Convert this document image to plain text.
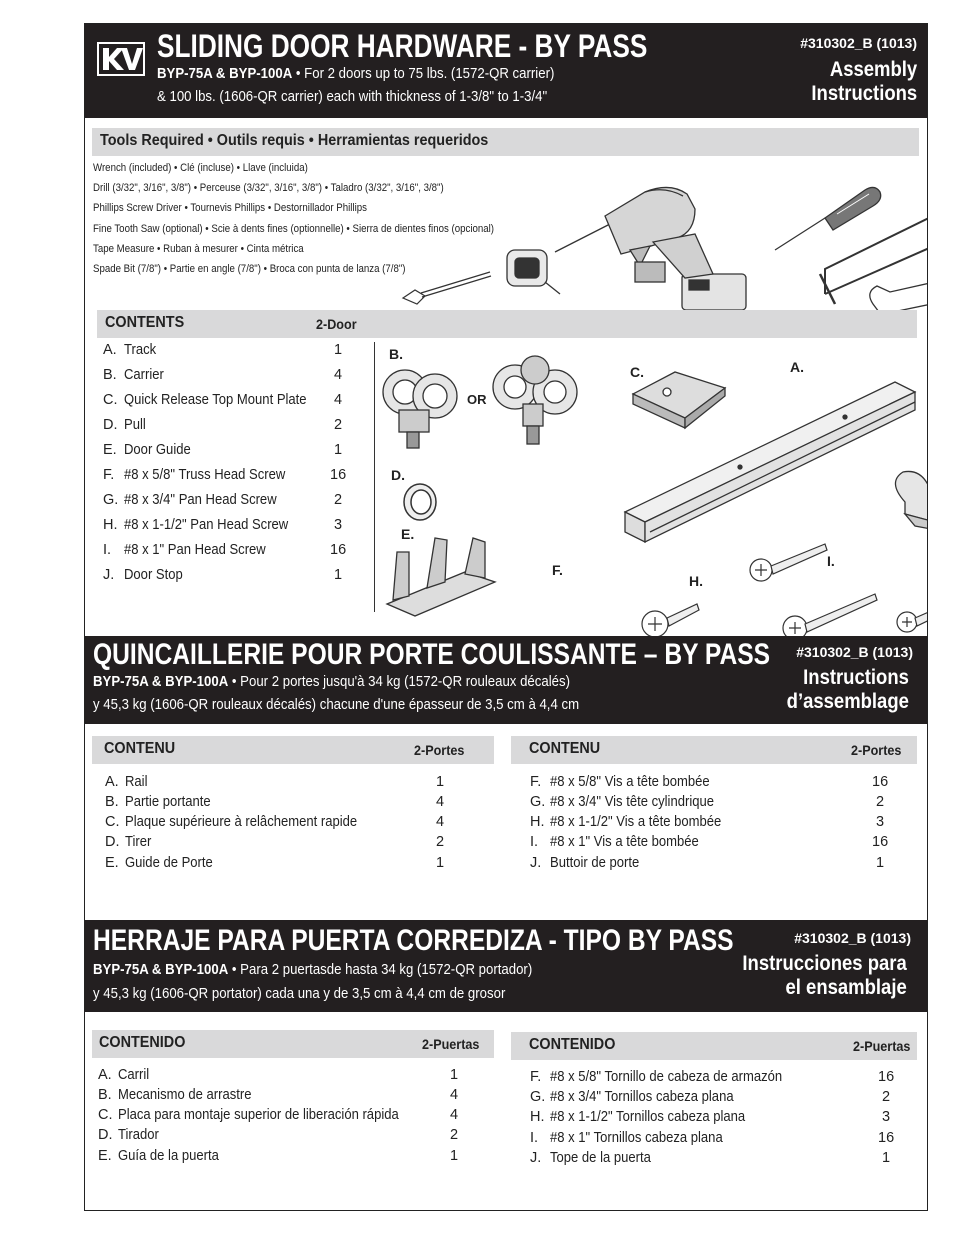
SLIDING DOOR HARDWARE - BY PASS
BYP-75A & BYP-100A • For 2 doors up to 75 lbs. (1572-QR carrier)
& 100 lbs. (1606-QR carrier) each with thickness of 1-3/8" to 1-3/4"
#310302_B (1013)
Assembly
Instructions
Tools Required • Outils requis • Herramientas requeridos
Wrench (included) • Clé (incluse) • Llave (incluida)
Drill (3/32", 3/16", 3/8") • Perceuse (3/32", 3/16", 3/8") • Taladro (3/32", 3/16", 3/8")
Phillips Screw Driver • Tournevis Phillips • Destornillador Phillips
Fine Tooth Saw (optional) • Scie à dents fines (optionnelle) • Sierra de dientes finos (opcional)
Tape Measure • Ruban à mesurer • Cinta métrica
Spade Bit (7/8") • Partie en angle (7/8") • Broca con punta de lanza (7/8")
CONTENTS	2-Door
A. Track	1
B. Carrier	4
C. Quick Release Top Mount Plate 4
D. Pull	2
E. Door Guide	1
F. #8 x 5/8" Truss Head Screw	16
G. #8 x 3/4" Pan Head Screw	2
H. #8 x 1-1/2" Pan Head Screw	3
I. #8 x 1" Pan Head Screw	16
J. Door Stop	1
B.
OR
C.	A.
D.
E.
F.
H.
I.
QUINCAILLERIE POUR PORTE COULISSANTE – BY PASS
BYP-75A & BYP-100A • Pour 2 portes jusqu'à 34 kg (1572-QR rouleaux décalés)
y 45,3 kg (1606-QR rouleaux décalés) chacune d'une épasseur de 3,5 cm à 4,4 cm
#310302_B (1013)
Instructions
d’assemblage
CONTENU	2-Portes	CONTENU	2-Portes
A. Rail	1
B. Partie portante	4
C. Plaque supérieure à relâchement rapide	4
D. Tirer	2
E. Guide de Porte	1
F. #8 x 5/8" Vis a tête bombée	16
G. #8 x 3/4" Vis tête cylindrique	2
H. #8 x 1-1/2" Vis a tête bombée	3
I. #8 x 1" Vis a tête bombée	16
J. Buttoir de porte	1
HERRAJE PARA PUERTA CORREDIZA - TIPO BY PASS
BYP-75A & BYP-100A • Para 2 puertasde hasta 34 kg (1572-QR portador)
y 45,3 kg (1606-QR portator) cada una y de 3,5 cm à 4,4 cm de grosor
#310302_B (1013)
Instrucciones para
el ensamblaje
CONTENIDO	2-Puertas	CONTENIDO	2-Puertas
A. Carril	1
B. Mecanismo de arrastre	4
C. Placa para montaje superior de liberación rápida	4
D. Tirador	2
E. Guía de la puerta	1
F. #8 x 5/8" Tornillo de cabeza de armazón	16
G. #8 x 3/4" Tornillos cabeza plana	2
H. #8 x 1-1/2" Tornillos cabeza plana	3
I. #8 x 1" Tornillos cabeza plana	16
J. Tope de la puerta	1
